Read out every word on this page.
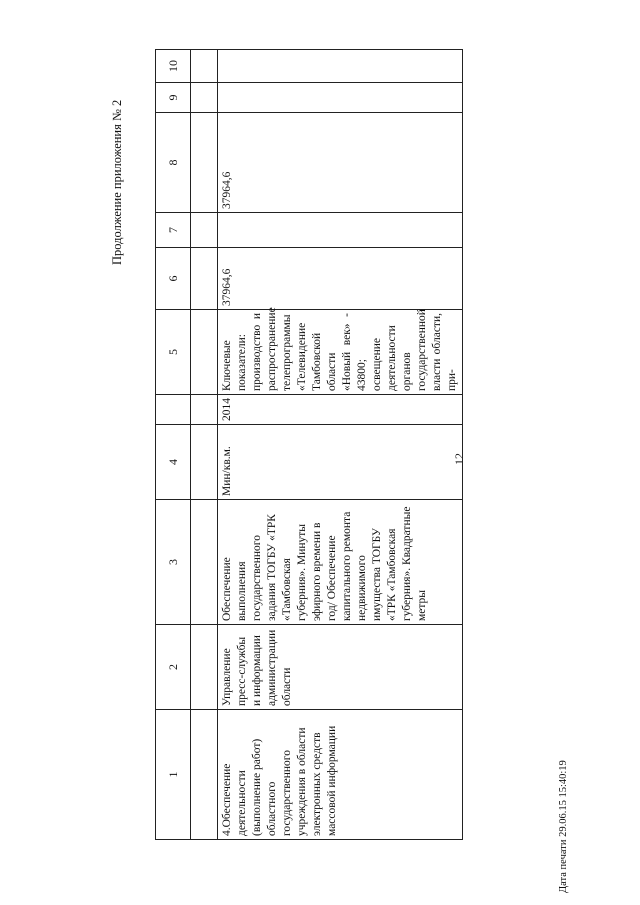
12
Продолжение приложения № 2
1	2	3	4		5	6	7	8	9	10

4.Обеспечение деятельности (выполнение работ) областного государственного учреждения в области электронных средств массовой информации	Управление пресс-службы и информации администрации области	Обеспечение выполнения государственного задания ТОГБУ «ТРК «Тамбовская губерния». Минуты эфирного времени в год/ Обеспечение капитального ремонта недвижимого имущества ТОГБУ «ТРК «Тамбовская губерния». Квадратные метры	Мин/кв.м.	2014	Ключевые показатели: производство и распространение телепрограммы «Телевидение Тамбовской области «Новый век» - 43800; освещение деятельности органов государственной власти области, при-	37964,6		37964,6		
Дата печати 29.06.15 15:40:19
